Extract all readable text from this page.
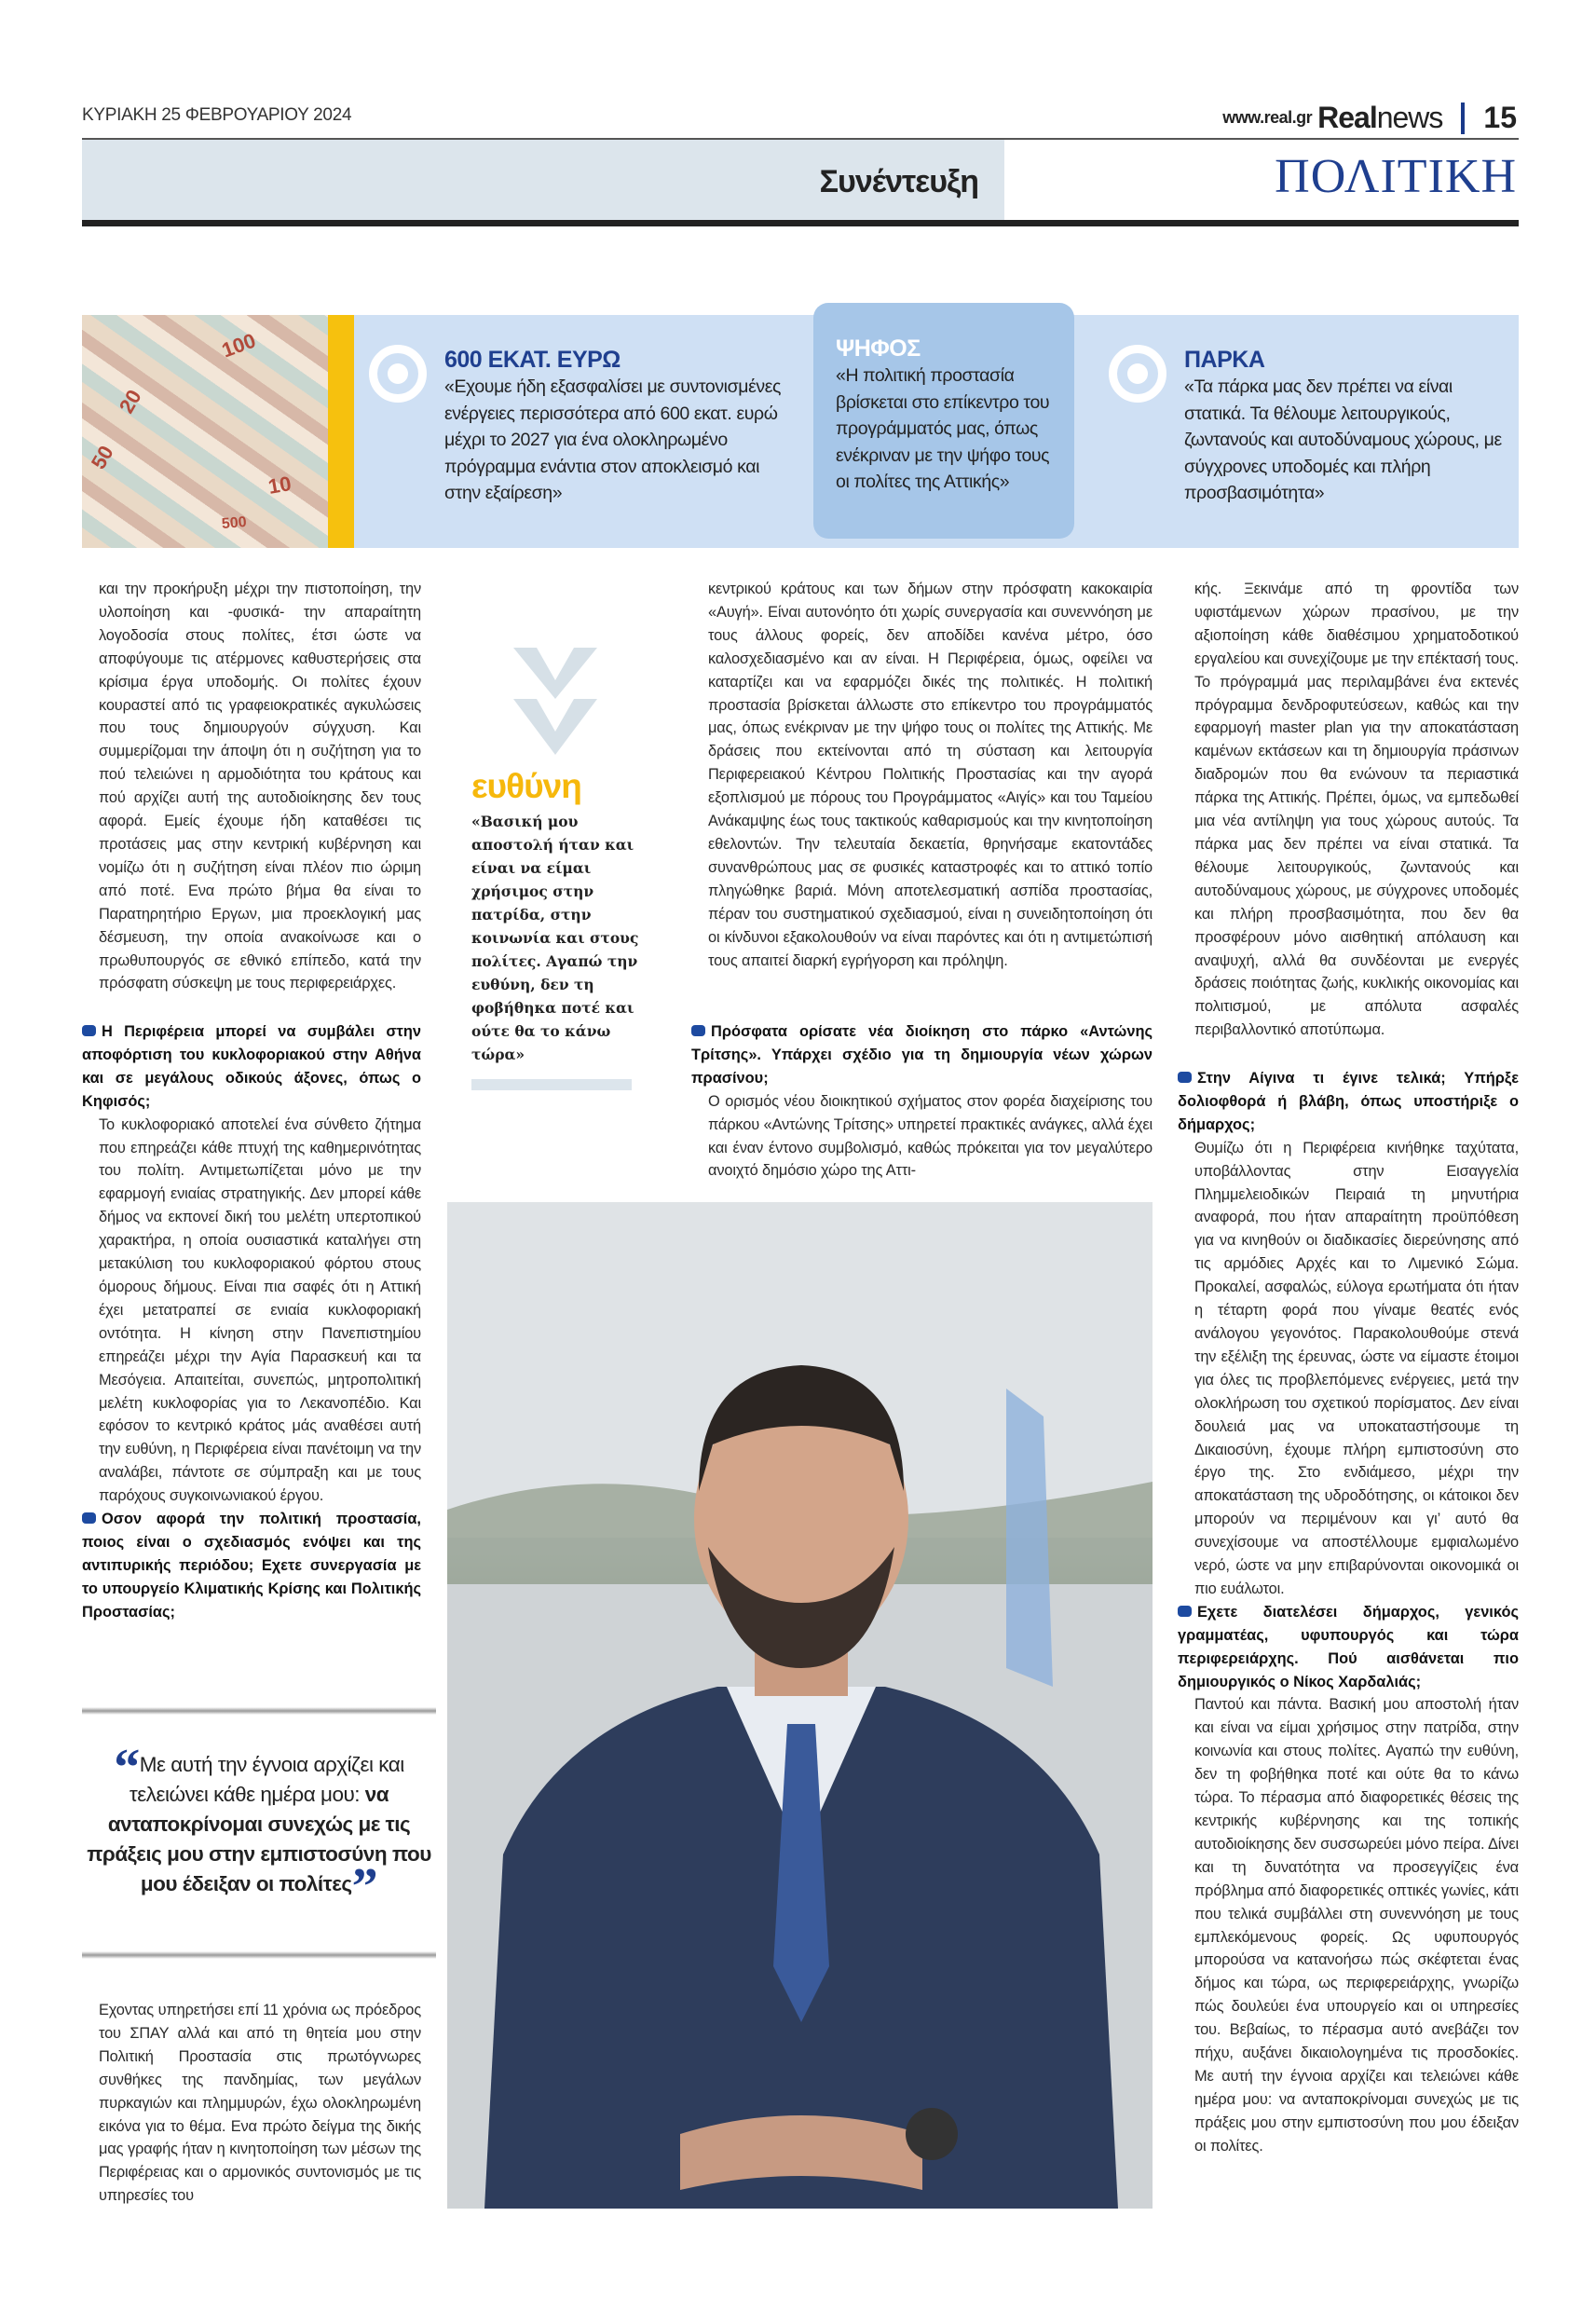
ΚΥΡΙΑΚΗ 25 ΦΕΒΡΟΥΑΡΙΟΥ 2024	www.real.gr Realnews 15
Συνέντευξη	ΠΟΛΙΤΙΚΗ
100
50
20
10
500
600 ΕΚΑΤ. ΕΥΡΩ
«Εχουμε ήδη εξασφαλίσει με συντονισμένες ενέργειες περισσότερα από 600 εκατ. ευρώ μέχρι το 2027 για ένα ολοκληρωμένο πρόγραμμα ενάντια στον αποκλεισμό και στην εξαίρεση»
ΨΗΦΟΣ
«Η πολιτική προστασία βρίσκεται στο επίκεντρο του προγράμματός μας, όπως ενέκριναν με την ψήφο τους οι πολίτες της Αττικής»
ΠΑΡΚΑ
«Τα πάρκα μας δεν πρέπει να είναι στατικά. Τα θέλουμε λειτουργικούς, ζωντανούς και αυτοδύναμους χώρους, με σύγχρονες υποδομές και πλήρη προσβασιμότητα»

και την προκήρυξη μέχρι την πιστοποίηση, την υλοποίηση και -φυσικά- την απαραίτητη λογοδοσία στους πολίτες, έτσι ώστε να αποφύγουμε τις ατέρμονες καθυστερήσεις στα κρίσιμα έργα υποδομής. Οι πολίτες έχουν κουραστεί από τις γραφειοκρατικές αγκυλώσεις που τους δημιουργούν σύγχυση. Και συμμερίζομαι την άποψη ότι η συζήτηση για το πού τελειώνει η αρμοδιότητα του κράτους και πού αρχίζει αυτή της αυτοδιοίκησης δεν τους αφορά. Εμείς έχουμε ήδη καταθέσει τις προτάσεις μας στην κεντρική κυβέρνηση και νομίζω ότι η συζήτηση είναι πλέον πιο ώριμη από ποτέ. Ενα πρώτο βήμα θα είναι το Παρατηρητήριο Εργων, μια προεκλογική μας δέσμευση, την οποία ανακοίνωσε και ο πρωθυπουργός σε εθνικό επίπεδο, κατά την πρόσφατη σύσκεψη με τους περιφερειάρχες.

Η Περιφέρεια μπορεί να συμβάλει στην αποφόρτιση του κυκλοφοριακού στην Αθήνα και σε μεγάλους οδικούς άξονες, όπως ο Κηφισός;

Το κυκλοφοριακό αποτελεί ένα σύνθετο ζήτημα που επηρεάζει κάθε πτυχή της καθημερινότητας του πολίτη. Αντιμετωπίζεται μόνο με την εφαρμογή ενιαίας στρατηγικής. Δεν μπορεί κάθε δήμος να εκπονεί δική του μελέτη υπερτοπικού χαρακτήρα, η οποία ουσιαστικά καταλήγει στη μετακύλιση του κυκλοφοριακού φόρτου στους όμορους δήμους. Είναι πια σαφές ότι η Αττική έχει μετατραπεί σε ενιαία κυκλοφοριακή οντότητα. Η κίνηση στην Πανεπιστημίου επηρεάζει μέχρι την Αγία Παρασκευή και τα Μεσόγεια. Απαιτείται, συνεπώς, μητροπολιτική μελέτη κυκλοφορίας για το Λεκανοπέδιο. Και εφόσον το κεντρικό κράτος μάς αναθέσει αυτή την ευθύνη, η Περιφέρεια είναι πανέτοιμη να την αναλάβει, πάντοτε σε σύμπραξη και με τους παρόχους συγκοινωνιακού έργου.

Οσον αφορά την πολιτική προστασία, ποιος είναι ο σχεδιασμός ενόψει και της αντιπυρικής περιόδου; Εχετε συνεργασία με το υπουργείο Κλιματικής Κρίσης και Πολιτικής Προστασίας;

“Με αυτή την έγνοια αρχίζει και τελειώνει κάθε ημέρα μου: να ανταποκρίνομαι συνεχώς με τις πράξεις μου στην εμπιστοσύνη που μου έδειξαν οι πολίτες”

Εχοντας υπηρετήσει επί 11 χρόνια ως πρόεδρος του ΣΠΑΥ αλλά και από τη θητεία μου στην Πολιτική Προστασία στις πρωτόγνωρες συνθήκες της πανδημίας, των μεγάλων πυρκαγιών και πλημμυρών, έχω ολοκληρωμένη εικόνα για το θέμα. Ενα πρώτο δείγμα της δικής μας γραφής ήταν η κινητοποίηση των μέσων της Περιφέρειας και ο αρμονικός συντονισμός με τις υπηρεσίες του

ευθύνη
«Βασική μου αποστολή ήταν και είναι να είμαι χρήσιμος στην πατρίδα, στην κοινωνία και στους πολίτες. Αγαπώ την ευθύνη, δεν τη φοβήθηκα ποτέ και ούτε θα το κάνω τώρα»

κεντρικού κράτους και των δήμων στην πρόσφατη κακοκαιρία «Αυγή». Είναι αυτονόητο ότι χωρίς συνεργασία και συνεννόηση με τους άλλους φορείς, δεν αποδίδει κανένα μέτρο, όσο καλοσχεδιασμένο και αν είναι. Η Περιφέρεια, όμως, οφείλει να καταρτίζει και να εφαρμόζει δικές της πολιτικές. Η πολιτική προστασία βρίσκεται άλλωστε στο επίκεντρο του προγράμματός μας, όπως ενέκριναν με την ψήφο τους οι πολίτες της Αττικής. Με δράσεις που εκτείνονται από τη σύσταση και λειτουργία Περιφερειακού Κέντρου Πολιτικής Προστασίας και την αγορά εξοπλισμού με πόρους του Προγράμματος «Αιγίς» και του Ταμείου Ανάκαμψης έως τους τακτικούς καθαρισμούς και την κινητοποίηση εθελοντών. Την τελευταία δεκαετία, θρηνήσαμε εκατοντάδες συνανθρώπους μας σε φυσικές καταστροφές και το αττικό τοπίο πληγώθηκε βαριά. Μόνη αποτελεσματική ασπίδα προστασίας, πέραν του συστηματικού σχεδιασμού, είναι η συνειδητοποίηση ότι οι κίνδυνοι εξακολουθούν να είναι παρόντες και ότι η αντιμετώπισή τους απαιτεί διαρκή εγρήγορση και πρόληψη.

Πρόσφατα ορίσατε νέα διοίκηση στο πάρκο «Αντώνης Τρίτσης». Υπάρχει σχέδιο για τη δημιουργία νέων χώρων πρασίνου;

Ο ορισμός νέου διοικητικού σχήματος στον φορέα διαχείρισης του πάρκου «Αντώνης Τρίτσης» υπηρετεί πρακτικές ανάγκες, αλλά έχει και έναν έντονο συμβολισμό, καθώς πρόκειται για τον μεγαλύτερο ανοιχτό δημόσιο χώρο της Αττι-

κής. Ξεκινάμε από τη φροντίδα των υφιστάμενων χώρων πρασίνου, με την αξιοποίηση κάθε διαθέσιμου χρηματοδοτικού εργαλείου και συνεχίζουμε με την επέκτασή τους. Το πρόγραμμά μας περιλαμβάνει ένα εκτενές πρόγραμμα δενδροφυτεύσεων, καθώς και την εφαρμογή master plan για την αποκατάσταση καμένων εκτάσεων και τη δημιουργία πράσινων διαδρομών που θα ενώνουν τα περιαστικά πάρκα της Αττικής. Πρέπει, όμως, να εμπεδωθεί μια νέα αντίληψη για τους χώρους αυτούς. Τα πάρκα μας δεν πρέπει να είναι στατικά. Τα θέλουμε λειτουργικούς, ζωντανούς και αυτοδύναμους χώρους, με σύγχρονες υποδομές και πλήρη προσβασιμότητα, που δεν θα προσφέρουν μόνο αισθητική απόλαυση και αναψυχή, αλλά θα συνδέονται με ενεργές δράσεις ποιότητας ζωής, κυκλικής οικονομίας και πολιτισμού, με απόλυτα ασφαλές περιβαλλοντικό αποτύπωμα.

Στην Αίγινα τι έγινε τελικά; Υπήρξε δολιοφθορά ή βλάβη, όπως υποστήριξε ο δήμαρχος;

Θυμίζω ότι η Περιφέρεια κινήθηκε ταχύτατα, υποβάλλοντας στην Εισαγγελία Πλημμελειοδικών Πειραιά τη μηνυτήρια αναφορά, που ήταν απαραίτητη προϋπόθεση για να κινηθούν οι διαδικασίες διερεύνησης από τις αρμόδιες Αρχές και το Λιμενικό Σώμα. Προκαλεί, ασφαλώς, εύλογα ερωτήματα ότι ήταν η τέταρτη φορά που γίναμε θεατές ενός ανάλογου γεγονότος. Παρακολουθούμε στενά την εξέλιξη της έρευνας, ώστε να είμαστε έτοιμοι για όλες τις προβλεπόμενες ενέργειες, μετά την ολοκλήρωση του σχετικού πορίσματος. Δεν είναι δουλειά μας να υποκαταστήσουμε τη Δικαιοσύνη, έχουμε πλήρη εμπιστοσύνη στο έργο της. Στο ενδιάμεσο, μέχρι την αποκατάσταση της υδροδότησης, οι κάτοικοι δεν μπορούν να περιμένουν και γι’ αυτό θα συνεχίσουμε να αποστέλλουμε εμφιαλωμένο νερό, ώστε να μην επιβαρύνονται οικονομικά οι πιο ευάλωτοι.

Εχετε διατελέσει δήμαρχος, γενικός γραμματέας, υφυπουργός και τώρα περιφερειάρχης. Πού αισθάνεται πιο δημιουργικός ο Νίκος Χαρδαλιάς;

Παντού και πάντα. Βασική μου αποστολή ήταν και είναι να είμαι χρήσιμος στην πατρίδα, στην κοινωνία και στους πολίτες. Αγαπώ την ευθύνη, δεν τη φοβήθηκα ποτέ και ούτε θα το κάνω τώρα. Το πέρασμα από διαφορετικές θέσεις της κεντρικής κυβέρνησης και της τοπικής αυτοδιοίκησης δεν συσσωρεύει μόνο πείρα. Δίνει και τη δυνατότητα να προσεγγίζεις ένα πρόβλημα από διαφορετικές οπτικές γωνίες, κάτι που τελικά συμβάλλει στη συνεννόηση με τους εμπλεκόμενους φορείς. Ως υφυπουργός μπορούσα να κατανοήσω πώς σκέφτεται ένας δήμος και τώρα, ως περιφερειάρχης, γνωρίζω πώς δουλεύει ένα υπουργείο και οι υπηρεσίες του. Βεβαίως, το πέρασμα αυτό ανεβάζει τον πήχυ, αυξάνει δικαιολογημένα τις προσδοκίες. Με αυτή την έγνοια αρχίζει και τελειώνει κάθε ημέρα μου: να ανταποκρίνομαι συνεχώς με τις πράξεις μου στην εμπιστοσύνη που μου έδειξαν οι πολίτες.
